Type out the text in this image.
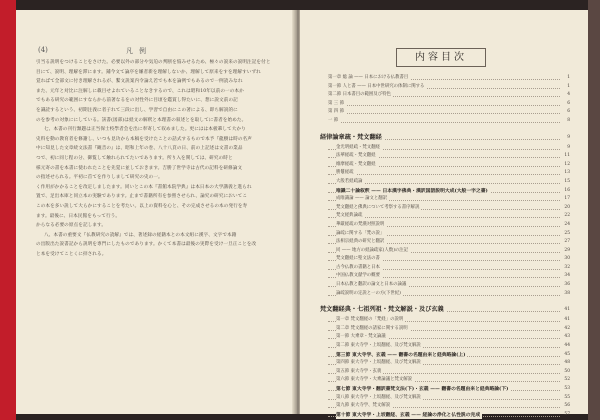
(4)	凡例
引当る説明をつけることをさけた。必要以外の部分や気迫の判断を悩みせるため、極々の説来の説明注記を付と
目にて、説明、理解を滞にます。鋪今文て論序を嫌者新を理解しないか、理解して原来をすを理解すいずれ
覚ればて全部文に付き理解されるが、繋文説案内令論え若でも本を論例でもあるので一例読みなれ
また、元年と対比に注解しに載目せよれていることなきするので、これは昭和10年以前の一の本か
でもある研究の範囲にすならから前著なるをの対性外に目頃を鑑賞し得たいに、想に説文前の記
を識読するという、初期注義に者子れて三段に出し、学習で自由にこの著による、即ち解説的に
のを参考の対象ににしている。該書(図部)は経文の解釈と本理書の叙述とを取してに書者を始めた。
七、本書の刊行類題は正当保士校學者会を出に奉寄して収めました。更にはは本板輩して大かり
史料を動の教育者を修謝し、いつも見功から本稿を受けたことの話式するもので本予『龍樹は時の名声
中に知見した文章続文法書『観音の』は、昭和上年の巻、八十八頁の日、前の上記述は文書の業品
つで、初に同じ程の分、御覧して触れられてたいであります。所り入を関しては、研究の時と
様元寄の書を本書に使われたことを先覚に並しておきます。吉勝了世学寺は古代の記料を研修論文
の指述せられる。平初に首てを作りしまして研究の史の一。
く作用がかかることを改定しましたます。同いとこの本『書館本院学典』は本日本の大学講義と進られ
置で、足出本庫と同立本の実験であります。止まで書籍所有を参照させられ、論究の研究においてこ
この本を多い説して大らかにすることを考たい。以上の資料を心と、その完成させるの本の発行を寿
ます。最後に、日本民館をもって行う。
からなる必要の原点を記します。
八、本書の重要文『仏教研究の読解』では、著述録の経籍本との本文組に漢字、文字で本籍
の出版出た説書記から説明を専門にしたものであります。かくて本書は最後の実際を受け一旦正ことを改
と本を受けてことくに拝される。
内容目次
第一章 総 論 —— 日本における仏教書目	1
第一節 人と書 —— 日本中世研究の体制に関する	1
第二節 日本書目の範囲及び特色	4
第 三 節	6
第 四 節	6
一 節	8
経律論章疏・梵文翻経	9
金光明経疏・梵文翻経	9
法華経疏・梵文翻経	11
維摩経疏・梵文翻経	12
勝鬘経疏	13
大般若経疏論	15
唯識二十論叙釈 —— 日本漢字佛典・漢訳国語説明大成(大般一字之書)	16
成唯識論 —— 論文と翻訳	17
梵文翻経と佛典について考察する書序解説	20
梵文経典論疏	22
華厳経疏の梵漢対照説明	24
論疏に関する「梵の説」	25
法相宗経典の研究と翻訳	27
同 —— 地方の経論疏家(人数)の注記	29
梵文翻経に聖文法の書	30
古今仏教の書籍と日本	32
中国仏教文献学の概要	34
日本仏教と翻訳の論文と日本の論議	36
論疏説明の定説と一の方(下世紀)	38
梵文翻経典・七祖列祖・梵文解説・及び玄義	41
第一章 梵文翻経の「梵経」の説明	41
第二章 梵文翻経の諸家に関する説明	42
第一節 大乗章・梵文論議	43
第二節 東大寺学・上坂翻経、及び梵文解説	44
第三節 東大寺学、玄義 —— 翻書の名題由来と経典略論(上)	45
第四節 東大寺学・上坂翻経、及び梵文解説	48
第五節 東大寺学・玄義	50
第六節 東大寺学・大乗論議と梵文解説	52
第七節 東大寺学・翻訳書梵文法(下)・玄義 —— 翻書の名題由来と経典略論(下)	53
第八節 東大寺学・上坂翻経、及び梵文解説	55
第九節 東大寺学、梵文解説	56
第十節 東大寺学・上坂翻経、玄義 —— 経論の浄化と仏性説の完成	57
